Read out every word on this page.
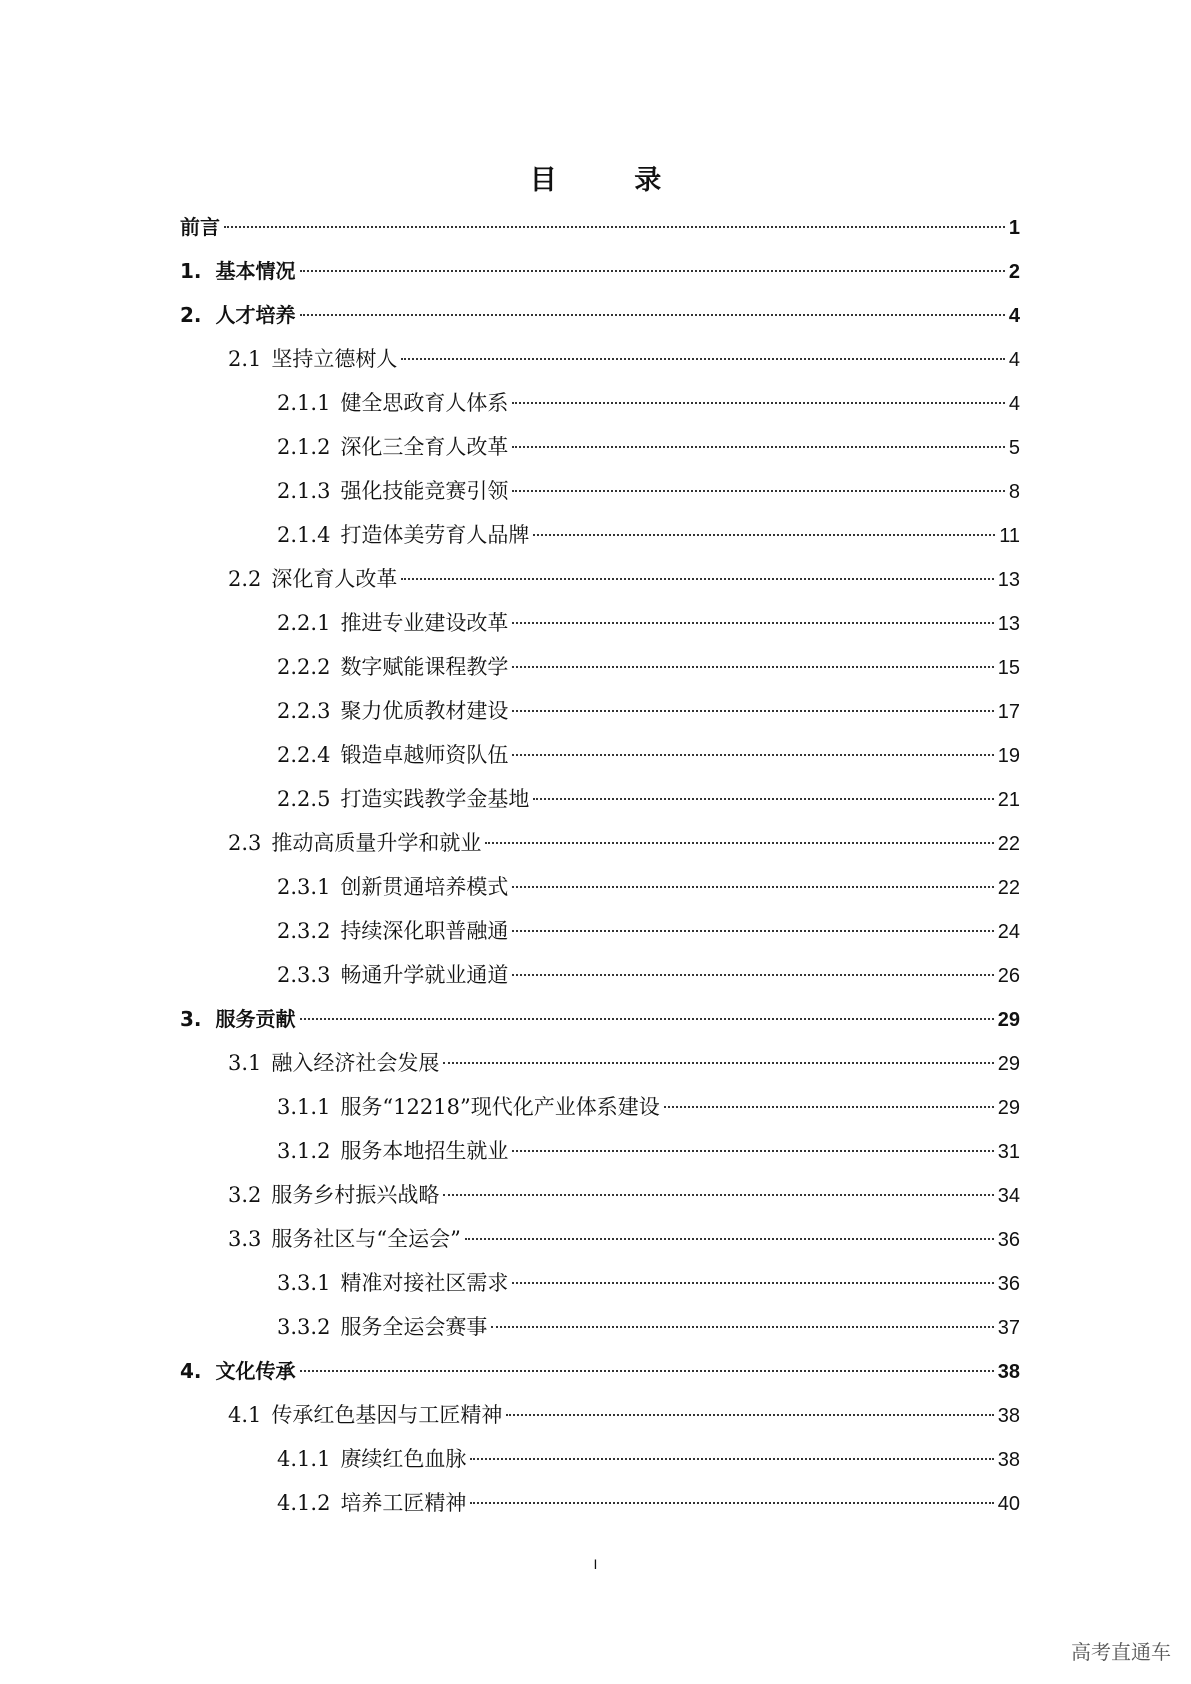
目 录
前言	1
1. 基本情况	2
2. 人才培养	4
2.1 坚持立德树人	4
2.1.1 健全思政育人体系	4
2.1.2 深化三全育人改革	5
2.1.3 强化技能竞赛引领	8
2.1.4 打造体美劳育人品牌	11
2.2 深化育人改革	13
2.2.1 推进专业建设改革	13
2.2.2 数字赋能课程教学	15
2.2.3 聚力优质教材建设	17
2.2.4 锻造卓越师资队伍	19
2.2.5 打造实践教学金基地	21
2.3 推动高质量升学和就业	22
2.3.1 创新贯通培养模式	22
2.3.2 持续深化职普融通	24
2.3.3 畅通升学就业通道	26
3. 服务贡献	29
3.1 融入经济社会发展	29
3.1.1 服务“12218”现代化产业体系建设	29
3.1.2 服务本地招生就业	31
3.2 服务乡村振兴战略	34
3.3 服务社区与“全运会”	36
3.3.1 精准对接社区需求	36
3.3.2 服务全运会赛事	37
4. 文化传承	38
4.1 传承红色基因与工匠精神	38
4.1.1 赓续红色血脉	38
4.1.2 培养工匠精神	40
I
高考直通车
